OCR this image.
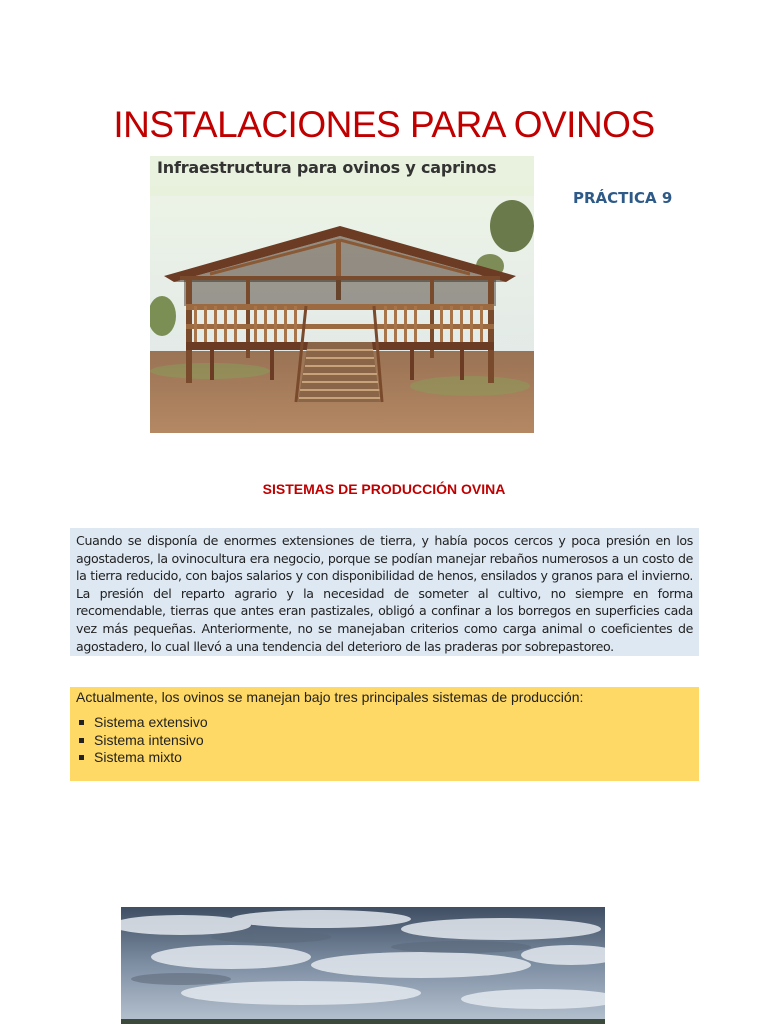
INSTALACIONES PARA OVINOS
Infraestructura para ovinos y caprinos
PRÁCTICA 9
SISTEMAS DE PRODUCCIÓN OVINA
Cuando se disponía de enormes extensiones de tierra, y había pocos cercos y poca presión en los agostaderos, la ovinocultura era negocio, porque se podían manejar rebaños numerosos a un costo de la tierra reducido, con bajos salarios y con disponibilidad de henos, ensilados y granos para el invierno. La presión del reparto agrario y la necesidad de someter al cultivo, no siempre en forma recomendable, tierras que antes eran pastizales, obligó a confinar a los borregos en superficies cada vez más pequeñas. Anteriormente, no se manejaban criterios como carga animal o coeficientes de agostadero, lo cual llevó a una tendencia del deterioro de las praderas por sobrepastoreo.

Actualmente, los ovinos se manejan bajo tres principales sistemas de producción:

Sistema extensivo
Sistema intensivo
Sistema mixto
